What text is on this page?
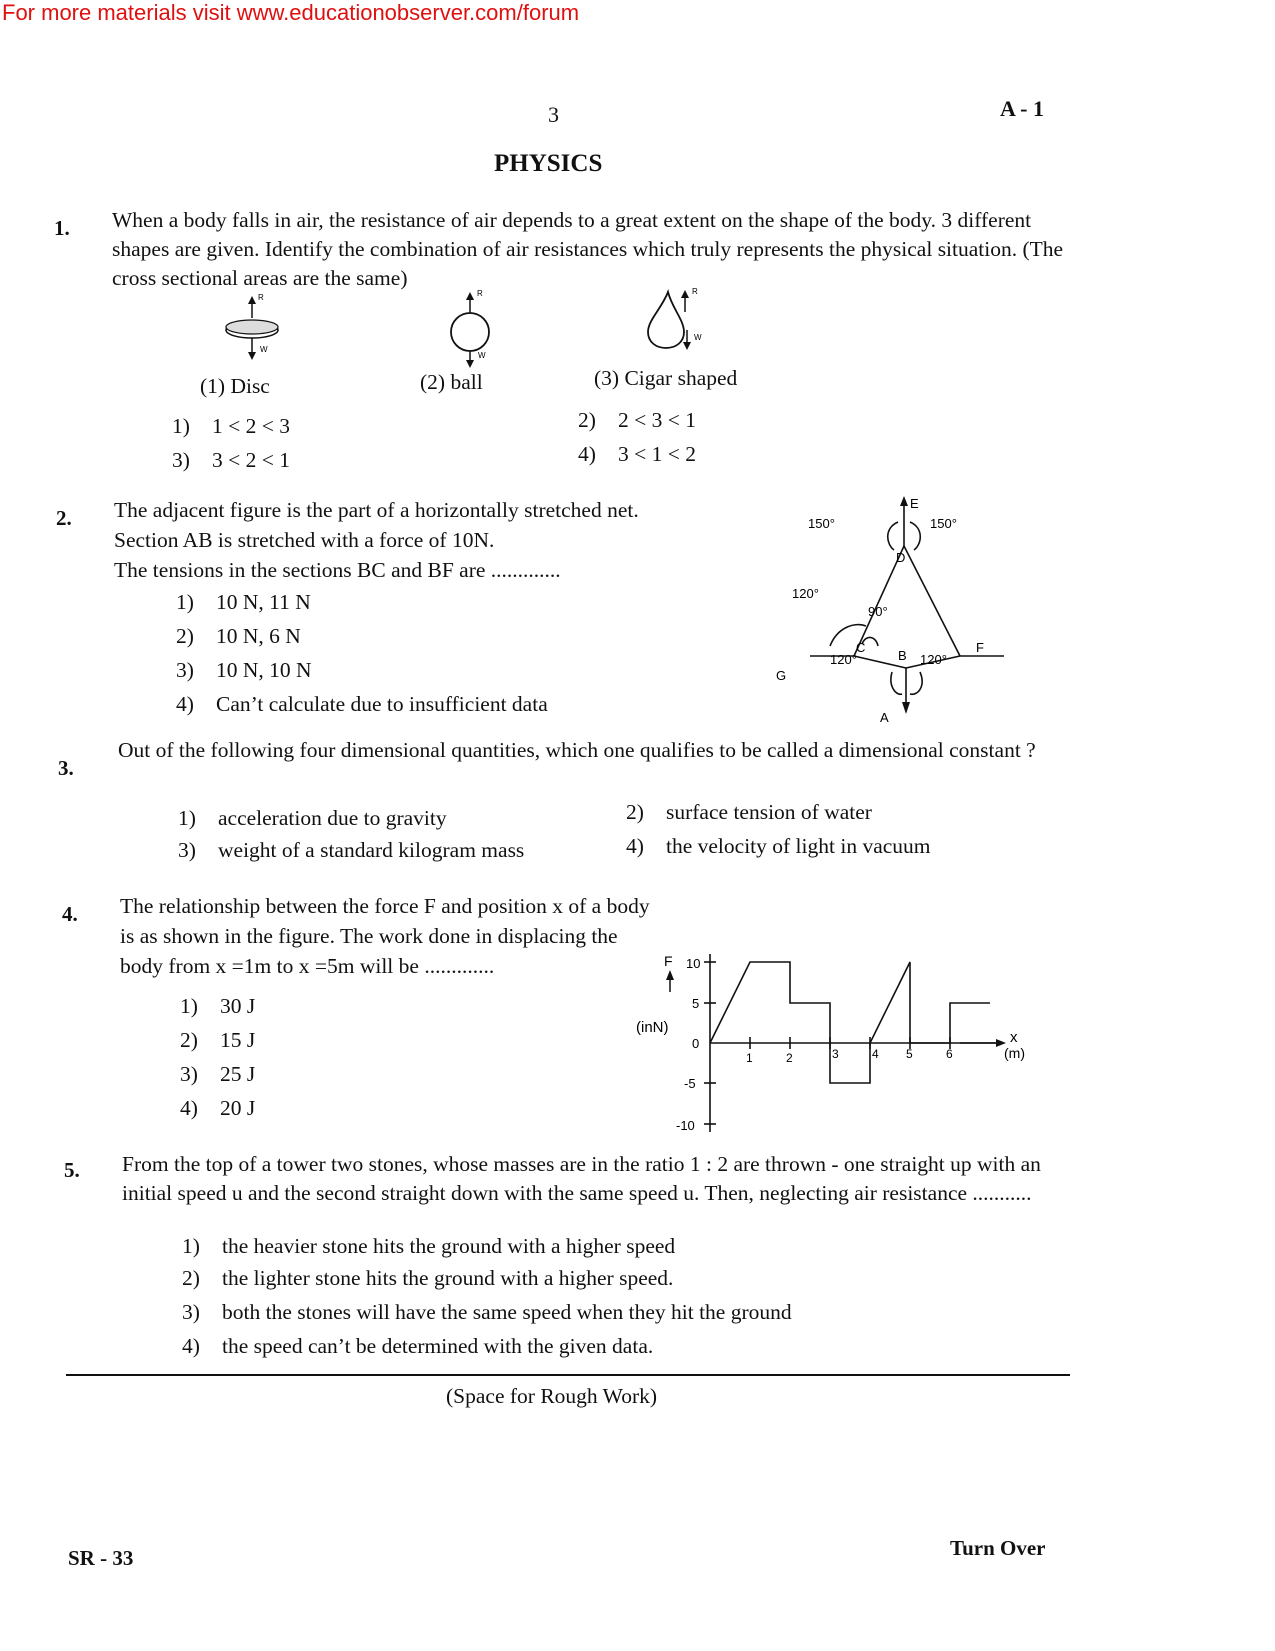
For more materials visit www.educationobserver.com/forum
3	A - 1
PHYSICS
1. When a body falls in air, the resistance of air depends to a great extent on the shape of the body. 3 different shapes are given. Identify the combination of air resistances which truly represents the physical situation. (The cross sectional areas are the same)
R
W
R
W
R
W
(1) Disc	(2) ball	(3) Cigar shaped
1) 1 < 2 < 3	2) 2 < 3 < 1
3) 3 < 2 < 1	4) 3 < 1 < 2
2. The adjacent figure is the part of a horizontally stretched net.
Section AB is stretched with a force of 10N.
The tensions in the sections BC and BF are .............
1) 10 N, 11 N
2) 10 N, 6 N
3) 10 N, 10 N
4) Can’t calculate due to insufficient data
E
D
C
B
F
G
A
150°	150°
120°
90°
120°	120°
3.
Out of the following four dimensional quantities, which one qualifies to be called a dimensional constant ?
1) acceleration due to gravity	2) surface tension of water
3) weight of a standard kilogram mass	4) the velocity of light in vacuum
4. The relationship between the force F and position x of a body
is as shown in the figure. The work done in displacing the
body from x =1m to x =5m will be .............
1) 30 J
2) 15 J
3) 25 J
4) 20 J
F
(inN)
x
(m)
10
5
0
-5
-10
1	2	3	4 5	6
5. From the top of a tower two stones, whose masses are in the ratio 1 : 2 are thrown - one straight up with an initial speed u and the second straight down with the same speed u. Then, neglecting air resistance ...........
1) the heavier stone hits the ground with a higher speed
2) the lighter stone hits the ground with a higher speed.
3) both the stones will have the same speed when they hit the ground
4) the speed can’t be determined with the given data.
(Space for Rough Work)
SR - 33	Turn Over
